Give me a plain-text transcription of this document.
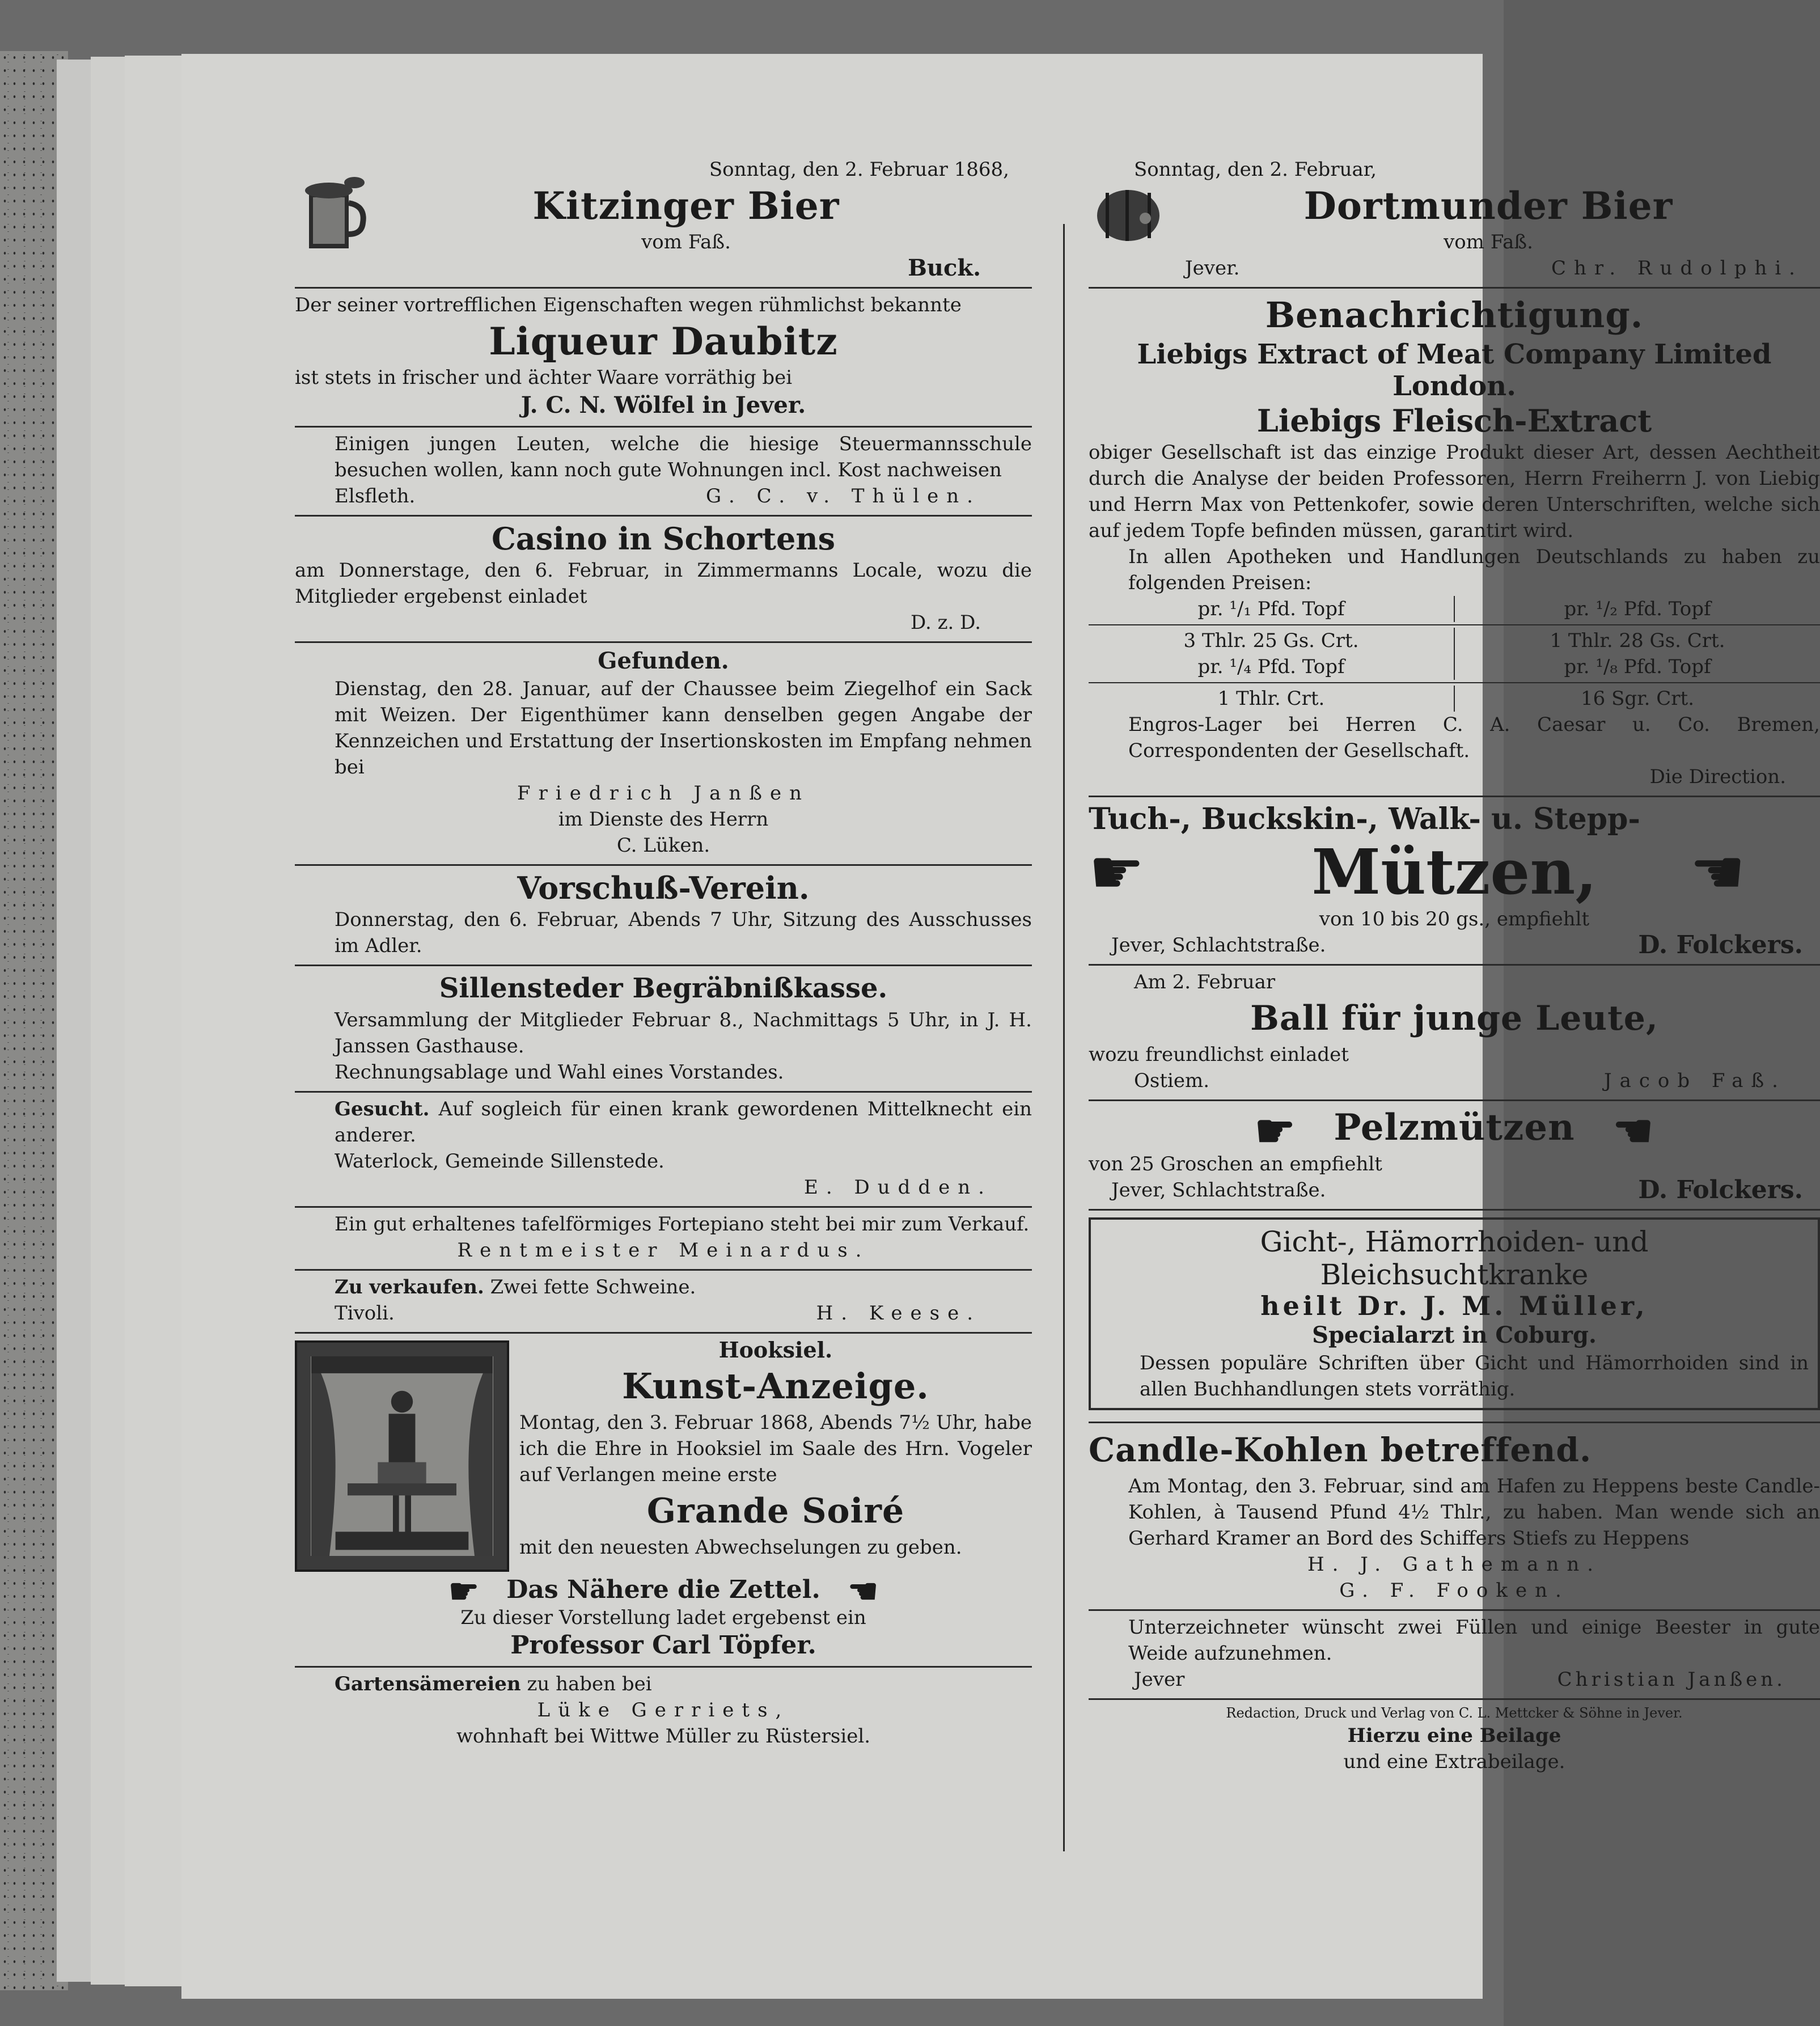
Sonntag, den 2. Februar 1868,
Kitzinger Bier
vom Faß.
Buck.
Der seiner vortrefflichen Eigenschaften wegen rühmlichst bekannte
Liqueur Daubitz
ist stets in frischer und ächter Waare vorräthig bei
J. C. N. Wölfel in Jever.
Einigen jungen Leuten, welche die hiesige Steuermannsschule besuchen wollen, kann noch gute Wohnungen incl. Kost nachweisen
Elsfleth.	G. C. v. Thülen.
Casino in Schortens
am Donnerstage, den 6. Februar, in Zimmermanns Locale, wozu die Mitglieder ergebenst einladet
D. z. D.
Gefunden.
Dienstag, den 28. Januar, auf der Chaussee beim Ziegelhof ein Sack mit Weizen. Der Eigenthümer kann denselben gegen Angabe der Kennzeichen und Erstattung der Insertionskosten im Empfang nehmen bei
Friedrich Janßen
im Dienste des Herrn
C. Lüken.
Vorschuß-Verein.
Donnerstag, den 6. Februar, Abends 7 Uhr, Sitzung des Ausschusses im Adler.
Sillensteder Begräbnißkasse.
Versammlung der Mitglieder Februar 8., Nachmittags 5 Uhr, in J. H. Janssen Gasthause.
Rechnungsablage und Wahl eines Vorstandes.
Gesucht. Auf sogleich für einen krank gewordenen Mittelknecht ein anderer.
Waterlock, Gemeinde Sillenstede.
E. Dudden.
Ein gut erhaltenes tafelförmiges Fortepiano steht bei mir zum Verkauf.
Rentmeister Meinardus.
Zu verkaufen. Zwei fette Schweine.
Tivoli.	H. Keese.
Hooksiel.
Kunst-Anzeige.
Montag, den 3. Februar 1868, Abends 7½ Uhr, habe ich die Ehre in Hooksiel im Saale des Hrn. Vogeler auf Verlangen meine erste
Grande Soiré
mit den neuesten Abwechselungen zu geben.
☛ Das Nähere die Zettel. ☚
Zu dieser Vorstellung ladet ergebenst ein
Professor Carl Töpfer.
Gartensämereien zu haben bei
Lüke Gerriets,
wohnhaft bei Wittwe Müller zu Rüstersiel.
Sonntag, den 2. Februar,
Dortmunder Bier
vom Faß.
Jever.	Chr. Rudolphi.
Benachrichtigung.
Liebigs Extract of Meat Company Limited
London.
Liebigs Fleisch-Extract
obiger Gesellschaft ist das einzige Produkt dieser Art, dessen Aechtheit durch die Analyse der beiden Professoren, Herrn Freiherrn J. von Liebig und Herrn Max von Pettenkofer, sowie deren Unterschriften, welche sich auf jedem Topfe befinden müssen, garantirt wird.
In allen Apotheken und Handlungen Deutschlands zu haben zu folgenden Preisen:
pr. ¹/₁ Pfd. Topf	pr. ¹/₂ Pfd. Topf
3 Thlr. 25 Gs. Crt.	1 Thlr. 28 Gs. Crt.
pr. ¹/₄ Pfd. Topf	pr. ¹/₈ Pfd. Topf
1 Thlr. Crt.	16 Sgr. Crt.
Engros-Lager bei Herren C. A. Caesar u. Co. Bremen, Correspondenten der Gesellschaft.
Die Direction.
Tuch-, Buckskin-, Walk- u. Stepp-
☛	Mützen, ☚
von 10 bis 20 gs., empfiehlt
Jever, Schlachtstraße.	D. Folckers.
Am 2. Februar
Ball für junge Leute,
wozu freundlichst einladet
Ostiem.	Jacob Faß.
☛ Pelzmützen ☚
von 25 Groschen an empfiehlt
Jever, Schlachtstraße.	D. Folckers.
Gicht-, Hämorrhoiden- und
Bleichsuchtkranke
heilt Dr. J. M. Müller,
Specialarzt in Coburg.
Dessen populäre Schriften über Gicht und Hämorrhoiden sind in allen Buchhandlungen stets vorräthig.
Candle-Kohlen betreffend.
Am Montag, den 3. Februar, sind am Hafen zu Heppens beste Candle-Kohlen, à Tausend Pfund 4½ Thlr., zu haben. Man wende sich an Gerhard Kramer an Bord des Schiffers Stiefs zu Heppens
H. J. Gathemann.
G. F. Fooken.
Unterzeichneter wünscht zwei Füllen und einige Beester in gute Weide aufzunehmen.
Jever	Christian Janßen.
Redaction, Druck und Verlag von C. L. Mettcker & Söhne in Jever.
Hierzu eine Beilage
und eine Extrabeilage.
